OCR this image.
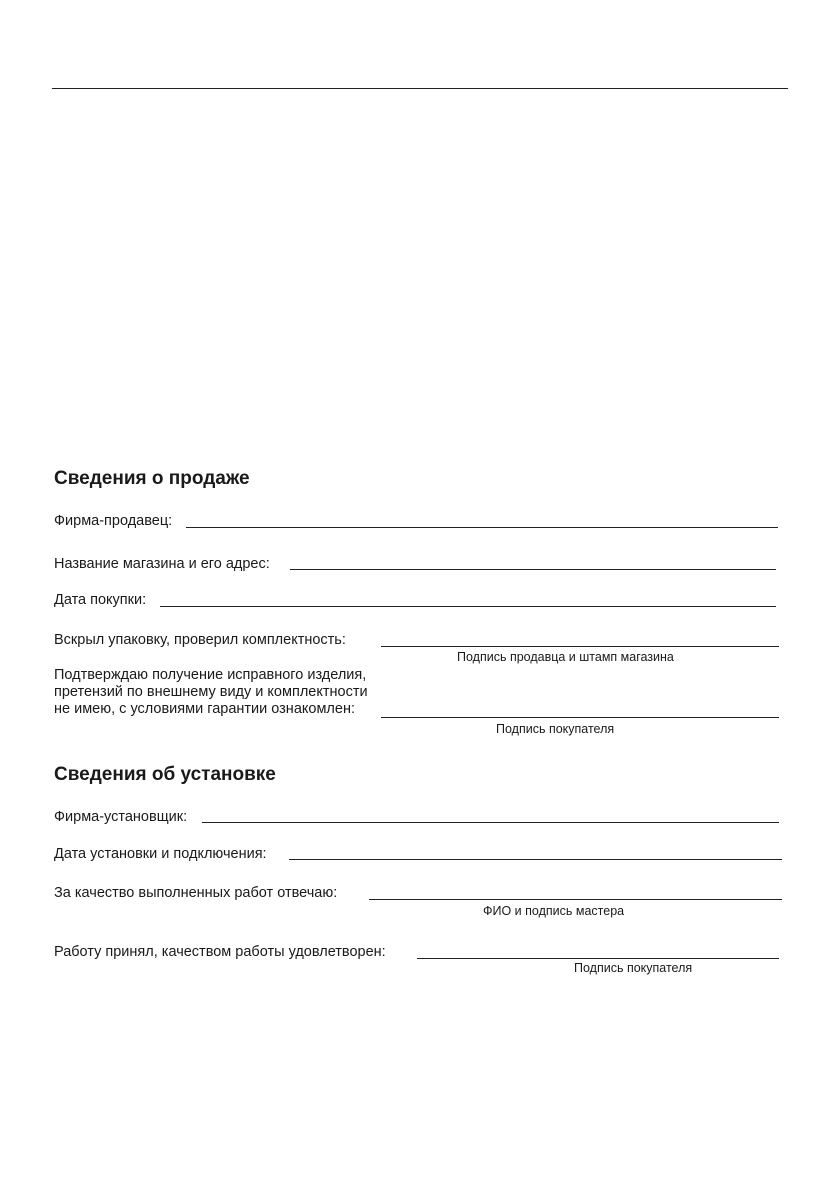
Сведения о продаже
Фирма-продавец:
Название магазина и его адрес:
Дата покупки:
Вскрыл упаковку, проверил комплектность:
Подпись продавца и штамп магазина
Подтверждаю получение исправного изделия,
претензий по внешнему виду и комплектности
не имею, с условиями гарантии ознакомлен:
Подпись покупателя
Сведения об установке
Фирма-установщик:
Дата установки и подключения:
За качество выполненных работ отвечаю:
ФИО и подпись мастера
Работу принял, качеством работы удовлетворен:
Подпись покупателя
